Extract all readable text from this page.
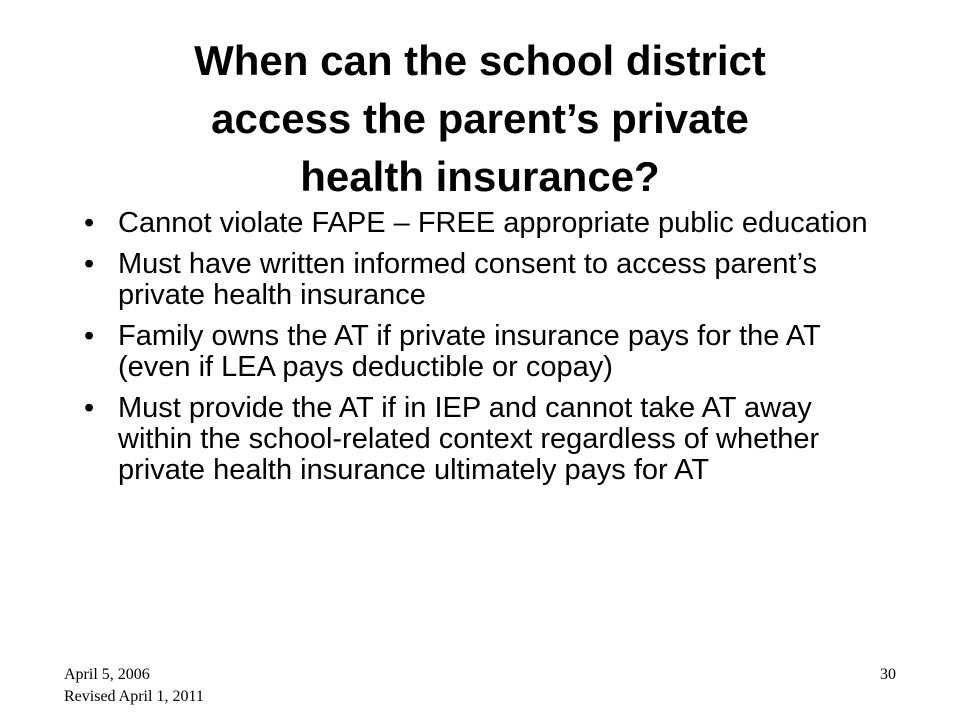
When can the school district
access the parent’s private
health insurance?
• Cannot violate FAPE – FREE appropriate public education
• Must have written informed consent to access parent’s private health insurance
• Family owns the AT if private insurance pays for the AT (even if LEA pays deductible or copay)
• Must provide the AT if in IEP and cannot take AT away within the school-related context regardless of whether private health insurance ultimately pays for AT
April 5, 2006
Revised April 1, 2011
30
